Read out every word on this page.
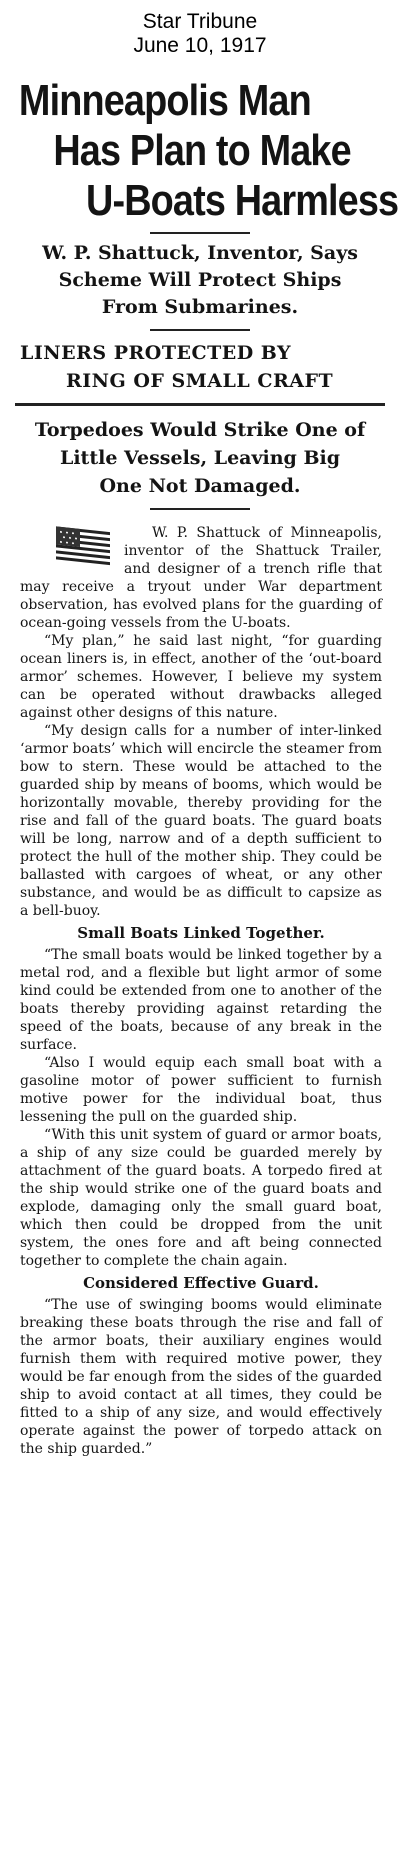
Star Tribune
June 10, 1917
Minneapolis Man
Has Plan to Make
U-Boats Harmless
W. P. Shattuck, Inventor, Says
Scheme Will Protect Ships
From Submarines.
LINERS PROTECTED BY
RING OF SMALL CRAFT
Torpedoes Would Strike One of
Little Vessels, Leaving Big
One Not Damaged.

W. P. Shattuck of Minneapolis, inventor of the Shattuck Trailer, and designer of a trench rifle that may receive a tryout under War department observation, has evolved plans for the guarding of ocean-going vessels from the U-boats.

“My plan,” he said last night, “for guarding ocean liners is, in effect, another of the ‘out-board armor’ schemes. However, I believe my system can be operated without drawbacks alleged against other designs of this nature.

“My design calls for a number of inter-linked ‘armor boats’ which will encircle the steamer from bow to stern. These would be attached to the guarded ship by means of booms, which would be horizontally movable, thereby providing for the rise and fall of the guard boats. The guard boats will be long, narrow and of a depth sufficient to protect the hull of the mother ship. They could be ballasted with cargoes of wheat, or any other substance, and would be as difficult to capsize as a bell-buoy.

Small Boats Linked Together.

“The small boats would be linked together by a metal rod, and a flexible but light armor of some kind could be extended from one to another of the boats thereby providing against retarding the speed of the boats, because of any break in the surface.

“Also I would equip each small boat with a gasoline motor of power sufficient to furnish motive power for the individual boat, thus lessening the pull on the guarded ship.

“With this unit system of guard or armor boats, a ship of any size could be guarded merely by attachment of the guard boats. A torpedo fired at the ship would strike one of the guard boats and explode, damaging only the small guard boat, which then could be dropped from the unit system, the ones fore and aft being connected together to complete the chain again.

Considered Effective Guard.

“The use of swinging booms would eliminate breaking these boats through the rise and fall of the armor boats, their auxiliary engines would furnish them with required motive power, they would be far enough from the sides of the guarded ship to avoid contact at all times, they could be fitted to a ship of any size, and would effectively operate against the power of torpedo attack on the ship guarded.”
